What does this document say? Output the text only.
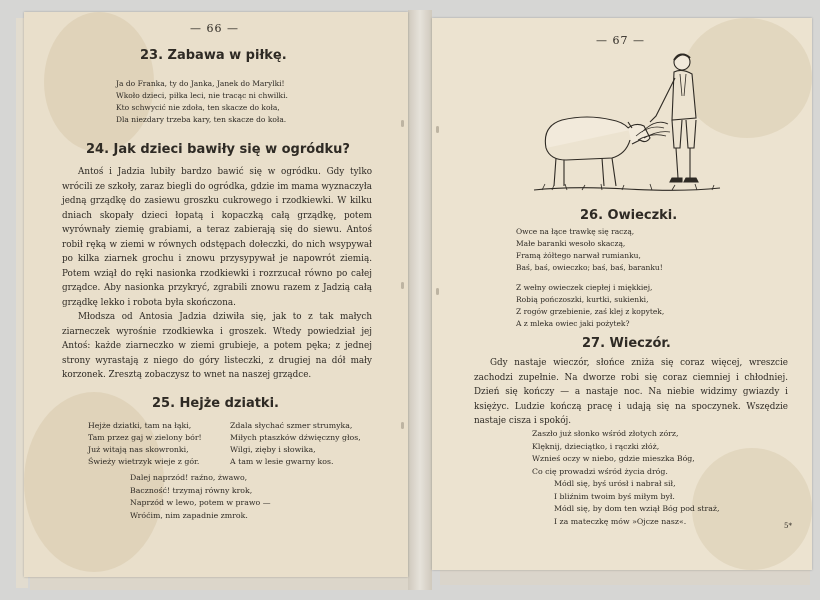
— 66 —
23. Zabawa w piłkę.
Ja do Franka, ty do Janka, Janek do Marylki!
Wkoło dzieci, piłka leci, nie tracąc ni chwilki.
Kto schwycić nie zdoła, ten skacze do koła,
Dla niezdary trzeba kary, ten skacze do koła.
24. Jak dzieci bawiły się w ogródku?

Antoś i Jadzia lubiły bardzo bawić się w ogródku. Gdy tylko wrócili ze szkoły, zaraz biegli do ogródka, gdzie im mama wyznaczyła jedną grządkę do zasiewu groszku cukrowego i rzodkiewki. W kilku dniach skopały dzieci łopatą i kopaczką całą grządkę, potem wyrównały ziemię grabiami, a teraz zabierają się do siewu. Antoś robił ręką w ziemi w równych odstępach dołeczki, do nich wsypywał po kilka ziarnek grochu i znowu przysypywał je napowrót ziemią. Potem wziął do ręki nasionka rzodkiewki i rozrzucał równo po całej grządce. Aby nasionka przykryć, zgrabili znowu razem z Jadzią całą grządkę lekko i robota była skończona.

Młodsza od Antosia Jadzia dziwiła się, jak to z tak małych ziarneczek wyrośnie rzodkiewka i groszek. Wtedy powiedział jej Antoś: każde ziarneczko w ziemi grubieje, a potem pęka; z jednej strony wyrastają z niego do góry listeczki, z drugiej na dół mały korzonek. Zresztą zobaczysz to wnet na naszej grządce.

25. Hejże dziatki.
Hejże dziatki, tam na łąki,
Tam przez gaj w zielony bór!
Już witają nas skowronki,
Świeży wietrzyk wieje z gór.
Zdala słychać szmer strumyka,
Miłych ptaszków dźwięczny głos,
Wilgi, zięby i słowika,
A tam w lesie gwarny kos.
Dalej naprzód! raźno, żwawo,
Baczność! trzymaj równy krok,
Naprzód w lewo, potem w prawo —
Wróćim, nim zapadnie zmrok.
— 67 —
26. Owieczki.
Owce na łące trawkę się raczą,
Małe baranki wesoło skaczą,
Framą żółtego narwał rumianku,
Baś, baś, owieczko; baś, baś, baranku!
Z wełny owieczek ciepłej i miękkiej,
Robią pończoszki, kurtki, sukienki,
Z rogów grzebienie, zaś klej z kopytek,
A z mleka owiec jaki pożytek?
27. Wieczór.

Gdy nastaje wieczór, słońce zniża się coraz więcej, wreszcie zachodzi zupełnie. Na dworze robi się coraz ciemniej i chłodniej. Dzień się kończy — a nastaje noc. Na niebie widzimy gwiazdy i księżyc. Ludzie kończą pracę i udają się na spoczynek. Wszędzie nastaje cisza i spokój.

Zaszło już słonko wśród złotych zórz,
Klęknij, dzieciątko, i rączki złóż,
Wznieś oczy w niebo, gdzie mieszka Bóg,
Co cię prowadzi wśród życia dróg.
Módl się, byś urósł i nabrał sił,
I bliźnim twoim byś miłym był.
Módl się, by dom ten wziął Bóg pod straż,
I za mateczkę mów »Ojcze nasz«.
5*
